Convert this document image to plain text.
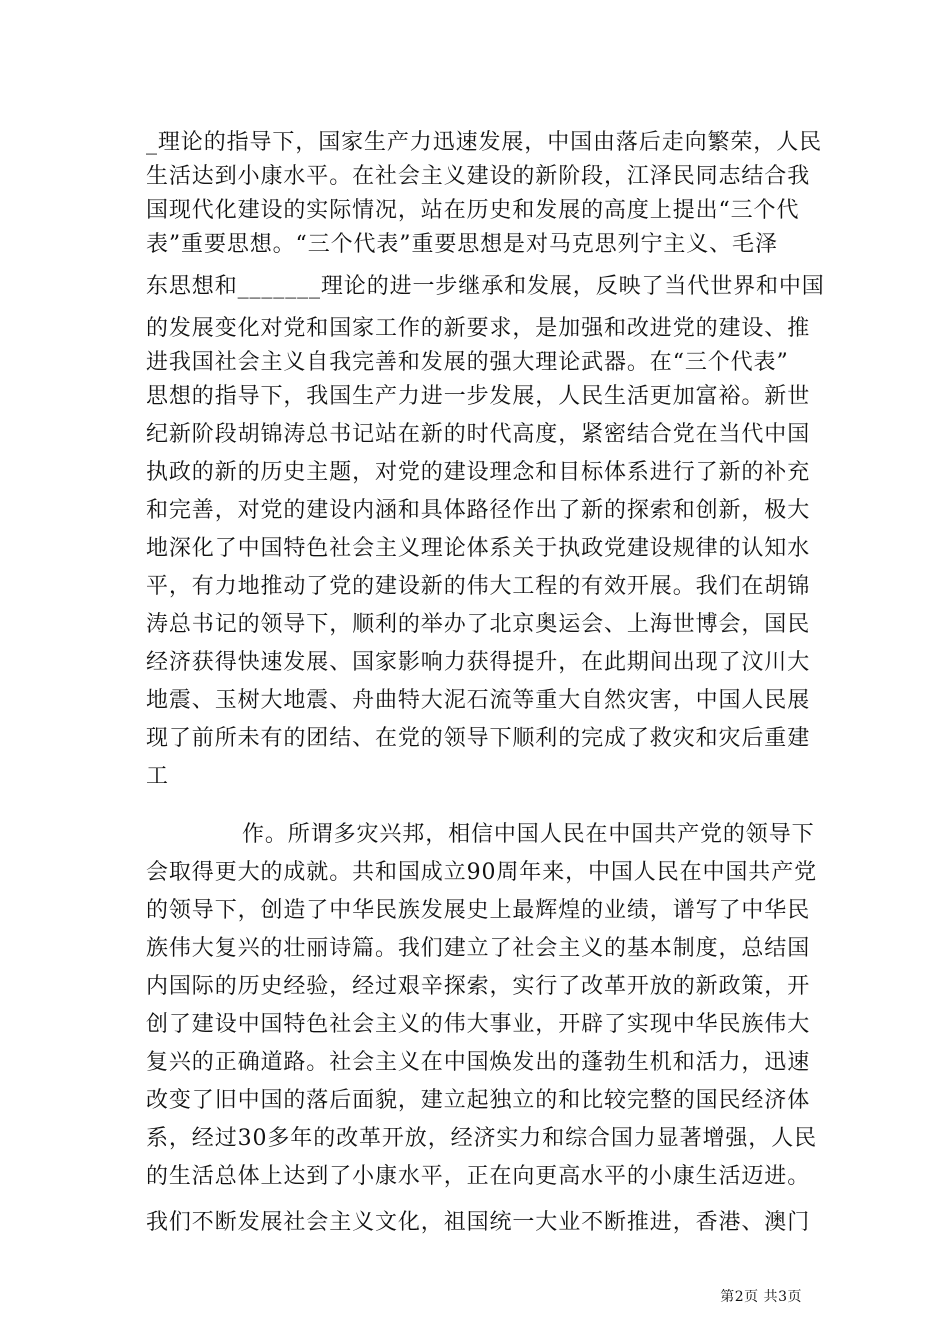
_理论的指导下，国家生产力迅速发展，中国由落后走向繁荣，人民
生活达到小康水平。在社会主义建设的新阶段，江泽民同志结合我
国现代化建设的实际情况，站在历史和发展的高度上提出“三个代
表”重要思想。“三个代表”重要思想是对马克思列宁主义、毛泽
东思想和_______理论的进一步继承和发展，反映了当代世界和中国
的发展变化对党和国家工作的新要求，是加强和改进党的建设、推
进我国社会主义自我完善和发展的强大理论武器。在“三个代表”
思想的指导下，我国生产力进一步发展，人民生活更加富裕。新世
纪新阶段胡锦涛总书记站在新的时代高度，紧密结合党在当代中国
执政的新的历史主题，对党的建设理念和目标体系进行了新的补充
和完善，对党的建设内涵和具体路径作出了新的探索和创新，极大
地深化了中国特色社会主义理论体系关于执政党建设规律的认知水
平，有力地推动了党的建设新的伟大工程的有效开展。我们在胡锦
涛总书记的领导下，顺利的举办了北京奥运会、上海世博会，国民
经济获得快速发展、国家影响力获得提升，在此期间出现了汶川大
地震、玉树大地震、舟曲特大泥石流等重大自然灾害，中国人民展
现了前所未有的团结、在党的领导下顺利的完成了救灾和灾后重建
工
作。所谓多灾兴邦，相信中国人民在中国共产党的领导下
会取得更大的成就。共和国成立90周年来，中国人民在中国共产党
的领导下，创造了中华民族发展史上最辉煌的业绩，谱写了中华民
族伟大复兴的壮丽诗篇。我们建立了社会主义的基本制度，总结国
内国际的历史经验，经过艰辛探索，实行了改革开放的新政策，开
创了建设中国特色社会主义的伟大事业，开辟了实现中华民族伟大
复兴的正确道路。社会主义在中国焕发出的蓬勃生机和活力，迅速
改变了旧中国的落后面貌，建立起独立的和比较完整的国民经济体
系，经过30多年的改革开放，经济实力和综合国力显著增强，人民
的生活总体上达到了小康水平，正在向更高水平的小康生活迈进。
我们不断发展社会主义文化，祖国统一大业不断推进，香港、澳门
第2页 共3页
